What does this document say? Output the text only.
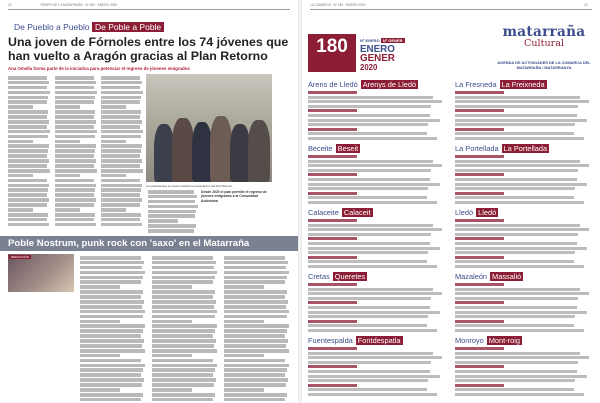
22	TIEMPO DE LA MATARRAÑA · Nº 180 · ENERO 2020
De Pueblo a Pueblo De Poble a Poble
Una joven de Fórnoles entre los 74 jóvenes que han vuelto a Aragón gracias al Plan Retorno
Ana Omella forma parte de la iniciativa para potenciar el regreso de jóvenes emigrados
Los participantes se reúnen durante la presentación del Plan Retorno
Desde 2020 el plan permite el regreso de jóvenes emigrados a la Comunidad Autónoma
Poble Nostrum, punk rock con 'saxo' en el Matarraña
REDACCIÓN
LA COMARCA · Nº 180 · ENERO 2020	23
180	Nº ENERO Nº GENER
ENERO
GENER
2020
matarraña
Cultural
AGENDA DE ACTIVIDADES DE LA COMARCA DEL MATARRAÑA / MATARRANYA
Arens de Lledó Arenys de Lledó
Beceite Beseit
Calaceite Calaceit
Cretas Queretes
Fuentespalda Fontdespatla
La Fresneda La Freixneda
La Portellada La Portellada
Lledó Lledó
Mazaleón Massalió
Monroyo Mont-roig
